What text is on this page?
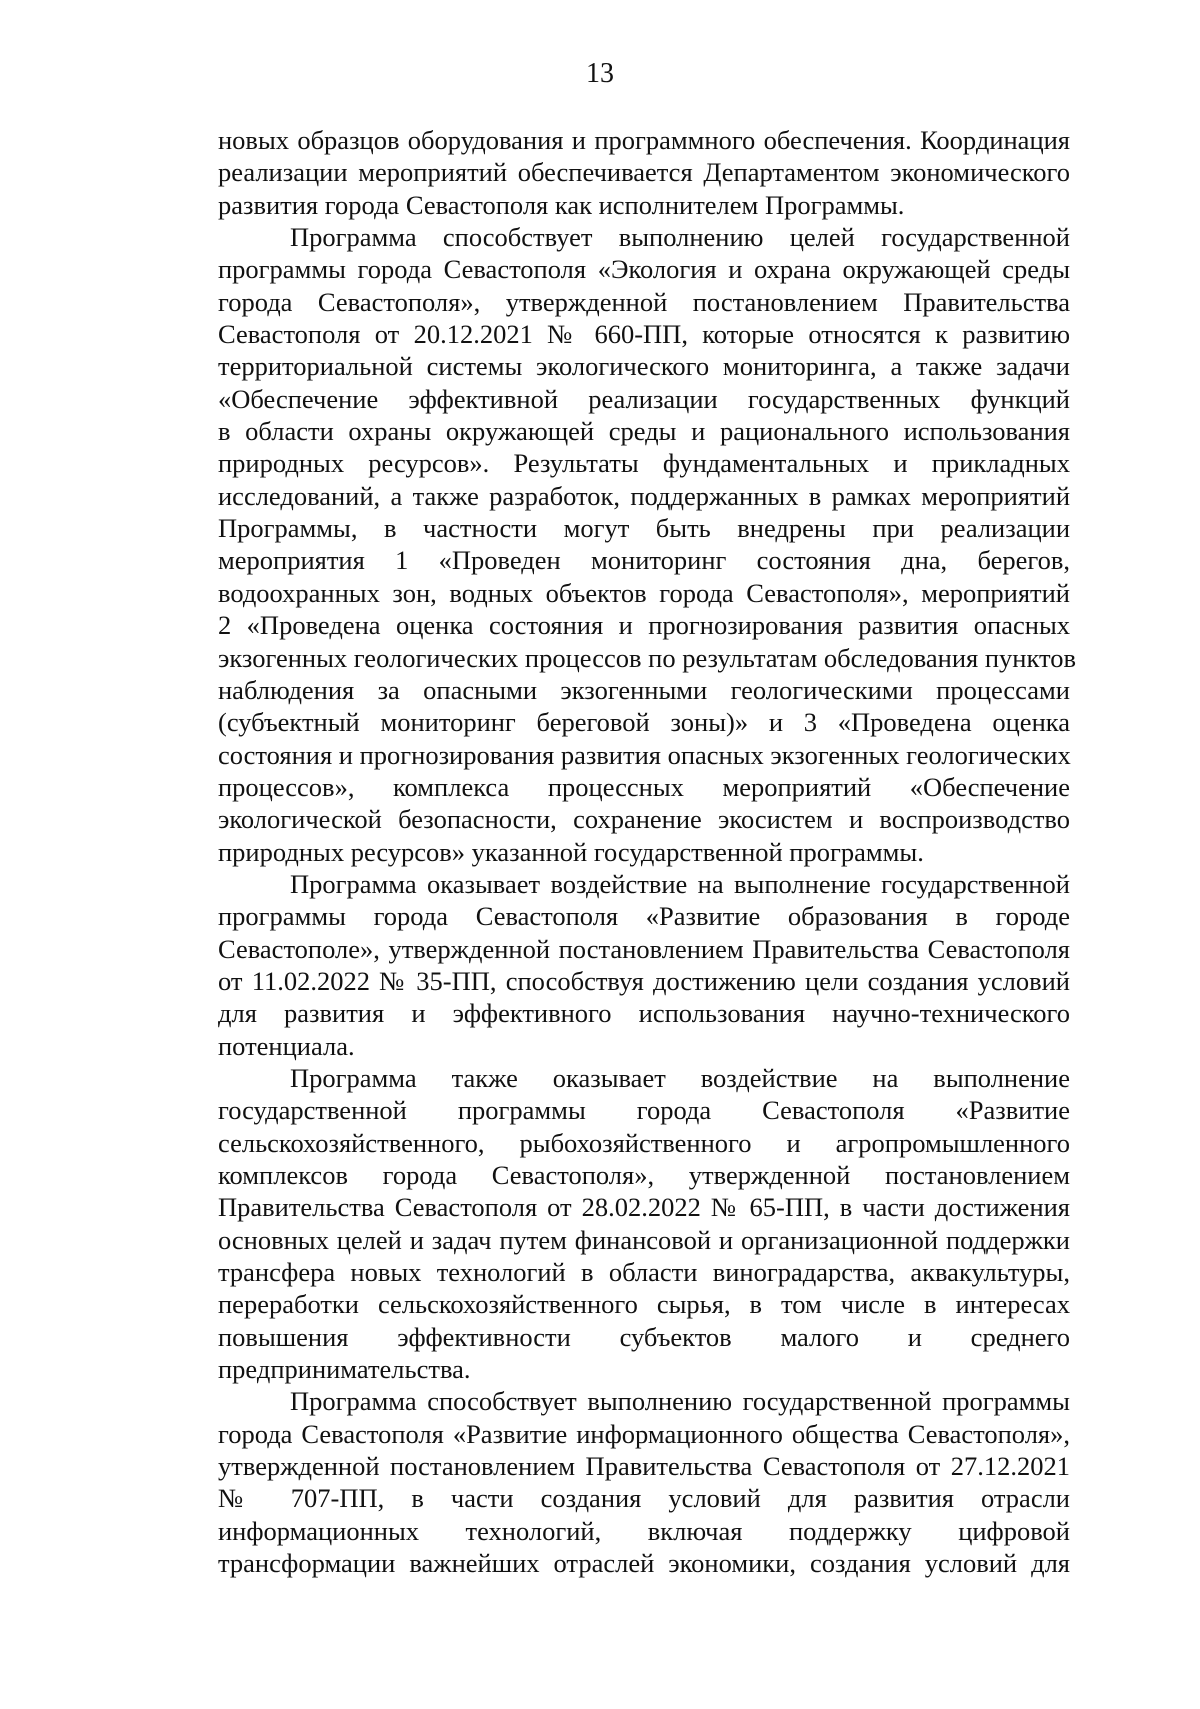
13
новых образцов оборудования и программного обеспечения. Координация
реализации мероприятий обеспечивается Департаментом экономического
развития города Севастополя как исполнителем Программы.
Программа способствует выполнению целей государственной
программы города Севастополя «Экология и охрана окружающей среды
города Севастополя», утвержденной постановлением Правительства
Севастополя от 20.12.2021 № 660-ПП, которые относятся к развитию
территориальной системы экологического мониторинга, а также задачи
«Обеспечение эффективной реализации государственных функций
в области охраны окружающей среды и рационального использования
природных ресурсов». Результаты фундаментальных и прикладных
исследований, а также разработок, поддержанных в рамках мероприятий
Программы, в частности могут быть внедрены при реализации
мероприятия 1 «Проведен мониторинг состояния дна, берегов,
водоохранных зон, водных объектов города Севастополя», мероприятий
2 «Проведена оценка состояния и прогнозирования развития опасных
экзогенных геологических процессов по результатам обследования пунктов
наблюдения за опасными экзогенными геологическими процессами
(субъектный мониторинг береговой зоны)» и 3 «Проведена оценка
состояния и прогнозирования развития опасных экзогенных геологических
процессов», комплекса процессных мероприятий «Обеспечение
экологической безопасности, сохранение экосистем и воспроизводство
природных ресурсов» указанной государственной программы.
Программа оказывает воздействие на выполнение государственной
программы города Севастополя «Развитие образования в городе
Севастополе», утвержденной постановлением Правительства Севастополя
от 11.02.2022 № 35-ПП, способствуя достижению цели создания условий
для развития и эффективного использования научно-технического
потенциала.
Программа также оказывает воздействие на выполнение
государственной программы города Севастополя «Развитие
сельскохозяйственного, рыбохозяйственного и агропромышленного
комплексов города Севастополя», утвержденной постановлением
Правительства Севастополя от 28.02.2022 № 65-ПП, в части достижения
основных целей и задач путем финансовой и организационной поддержки
трансфера новых технологий в области виноградарства, аквакультуры,
переработки сельскохозяйственного сырья, в том числе в интересах
повышения эффективности субъектов малого и среднего
предпринимательства.
Программа способствует выполнению государственной программы
города Севастополя «Развитие информационного общества Севастополя»,
утвержденной постановлением Правительства Севастополя от 27.12.2021
№ 707-ПП, в части создания условий для развития отрасли
информационных технологий, включая поддержку цифровой
трансформации важнейших отраслей экономики, создания условий для
